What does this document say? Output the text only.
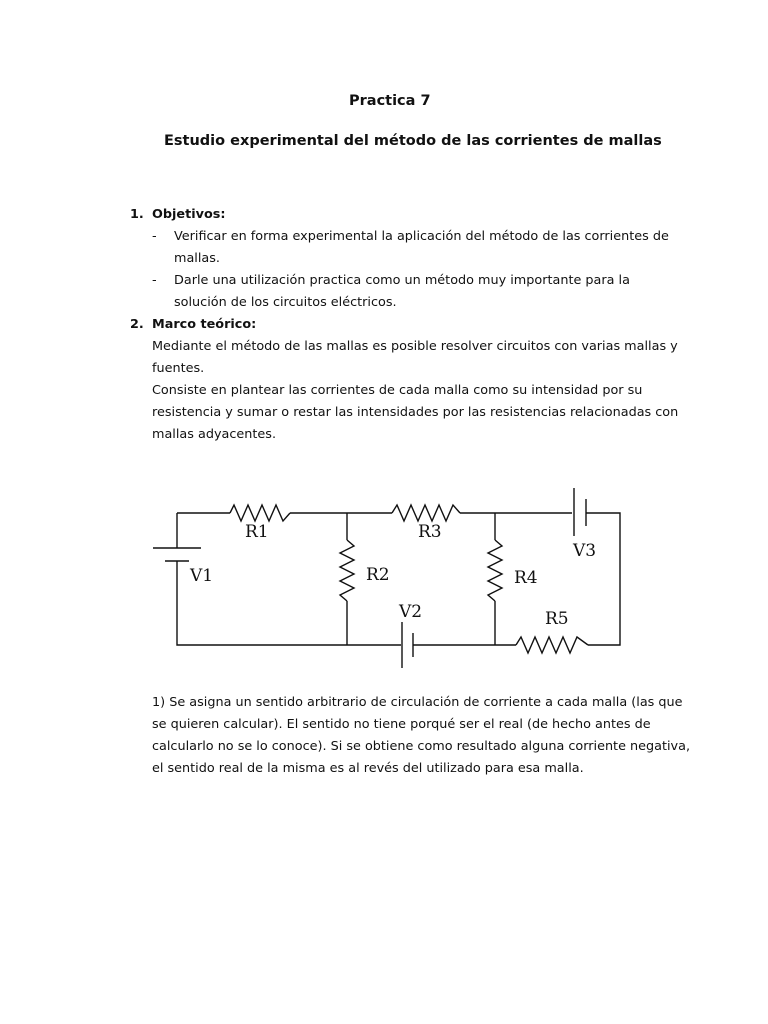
Practica 7
Estudio experimental del método de las corrientes de mallas
1. Objetivos:
- Verificar en forma experimental la aplicación del método de las corrientes de
mallas.
- Darle una utilización practica como un método muy importante para la
solución de los circuitos eléctricos.
2. Marco teórico:
Mediante el método de las mallas es posible resolver circuitos con varias mallas y
fuentes.
Consiste en plantear las corrientes de cada malla como su intensidad por su
resistencia y sumar o restar las intensidades por las resistencias relacionadas con
mallas adyacentes.
R1	R3
V1	R2
V3
R4
V2	R5
1) Se asigna un sentido arbitrario de circulación de corriente a cada malla (las que
se quieren calcular). El sentido no tiene porqué ser el real (de hecho antes de
calcularlo no se lo conoce). Si se obtiene como resultado alguna corriente negativa,
el sentido real de la misma es al revés del utilizado para esa malla.
